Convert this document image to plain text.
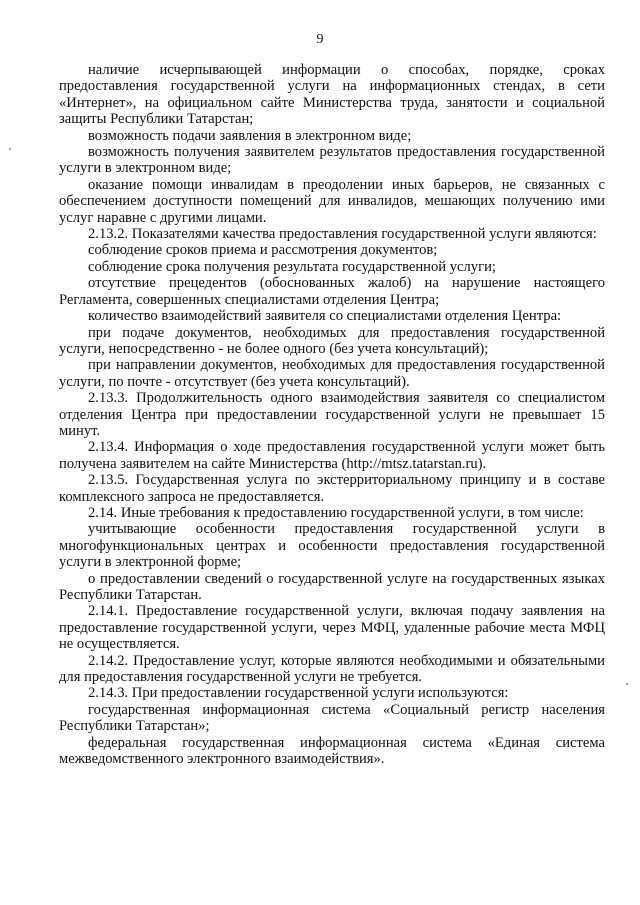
9

наличие исчерпывающей информации о способах, порядке, сроках предоставления государственной услуги на информационных стендах, в сети «Интернет», на официальном сайте Министерства труда, занятости и социальной защиты Республики Татарстан;

возможность подачи заявления в электронном виде;

возможность получения заявителем результатов предоставления государственной услуги в электронном виде;

оказание помощи инвалидам в преодолении иных барьеров, не связанных с обеспечением доступности помещений для инвалидов, мешающих получению ими услуг наравне с другими лицами.

2.13.2. Показателями качества предоставления государственной услуги являются:

соблюдение сроков приема и рассмотрения документов;

соблюдение срока получения результата государственной услуги;

отсутствие прецедентов (обоснованных жалоб) на нарушение настоящего Регламента, совершенных специалистами отделения Центра;

количество взаимодействий заявителя со специалистами отделения Центра:

при подаче документов, необходимых для предоставления государственной услуги, непосредственно - не более одного (без учета консультаций);

при направлении документов, необходимых для предоставления государственной услуги, по почте - отсутствует (без учета консультаций).

2.13.3. Продолжительность одного взаимодействия заявителя со специалистом отделения Центра при предоставлении государственной услуги не превышает 15 минут.

2.13.4. Информация о ходе предоставления государственной услуги может быть получена заявителем на сайте Министерства (http://mtsz.tatarstan.ru).

2.13.5. Государственная услуга по экстерриториальному принципу и в составе комплексного запроса не предоставляется.

2.14. Иные требования к предоставлению государственной услуги, в том числе:

учитывающие особенности предоставления государственной услуги в многофункциональных центрах и особенности предоставления государственной услуги в электронной форме;

о предоставлении сведений о государственной услуге на государственных языках Республики Татарстан.

2.14.1. Предоставление государственной услуги, включая подачу заявления на предоставление государственной услуги, через МФЦ, удаленные рабочие места МФЦ не осуществляется.

2.14.2. Предоставление услуг, которые являются необходимыми и обязательными для предоставления государственной услуги не требуется.

2.14.3. При предоставлении государственной услуги используются:

государственная информационная система «Социальный регистр населения Республики Татарстан»;

федеральная государственная информационная система «Единая система межведомственного электронного взаимодействия».
